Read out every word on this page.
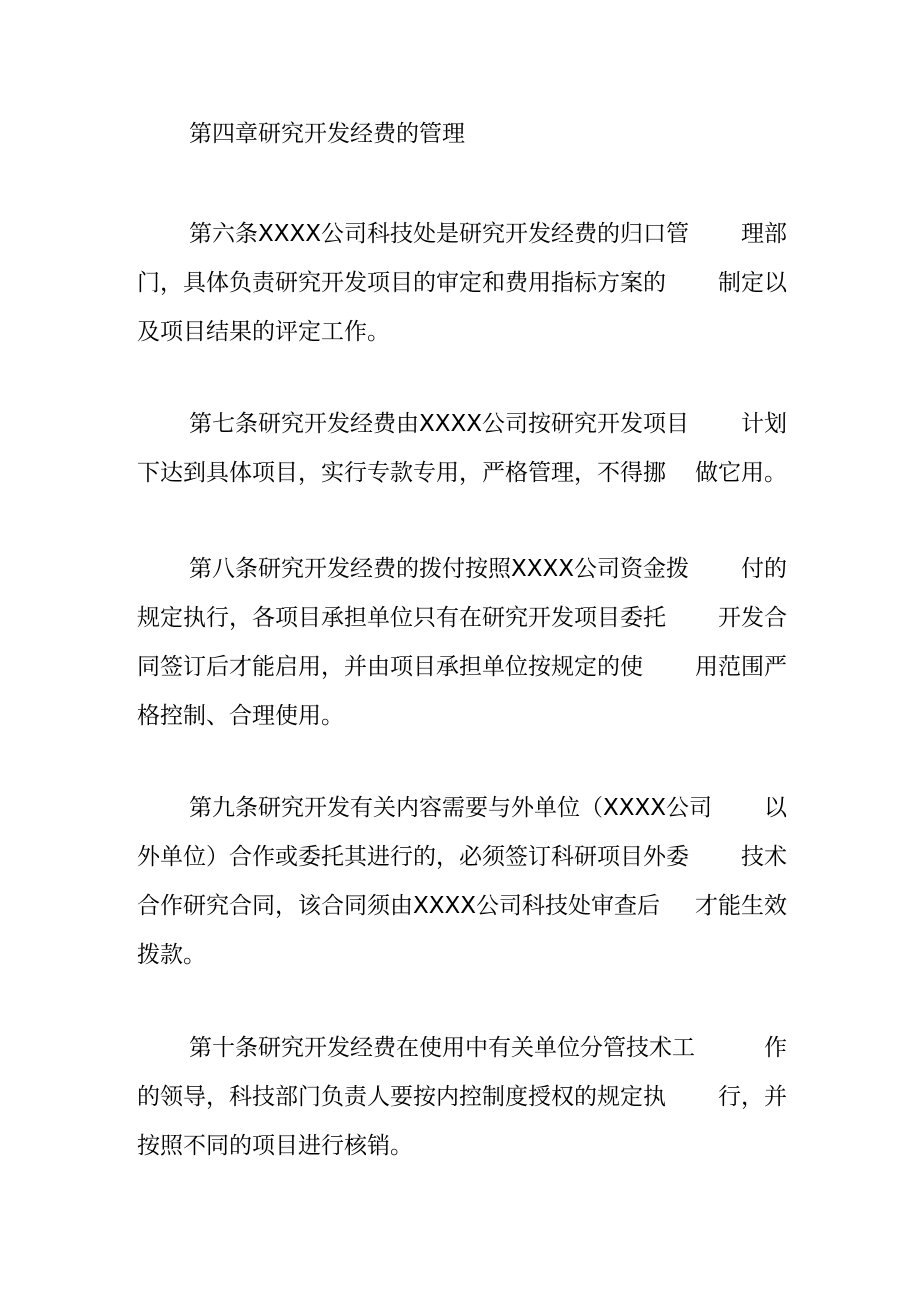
第四章研究开发经费的管理
第六条XXXX公司科技处是研究开发经费的归口管 理部
门，具体负责研究开发项目的审定和费用指标方案的 制定以
及项目结果的评定工作。
第七条研究开发经费由XXXX公司按研究开发项目 计划
下达到具体项目，实行专款专用，严格管理，不得挪 做它用。
第八条研究开发经费的拨付按照XXXX公司资金拨 付的
规定执行，各项目承担单位只有在研究开发项目委托 开发合
同签订后才能启用，并由项目承担单位按规定的使 用范围严
格控制、合理使用。
第九条研究开发有关内容需要与外单位（XXXX公司 以
外单位）合作或委托其进行的，必须签订科研项目外委 技术
合作研究合同，该合同须由XXXX公司科技处审查后 才能生效
拨款。
第十条研究开发经费在使用中有关单位分管技术工	作
的领导，科技部门负责人要按内控制度授权的规定执 行，并
按照不同的项目进行核销。
